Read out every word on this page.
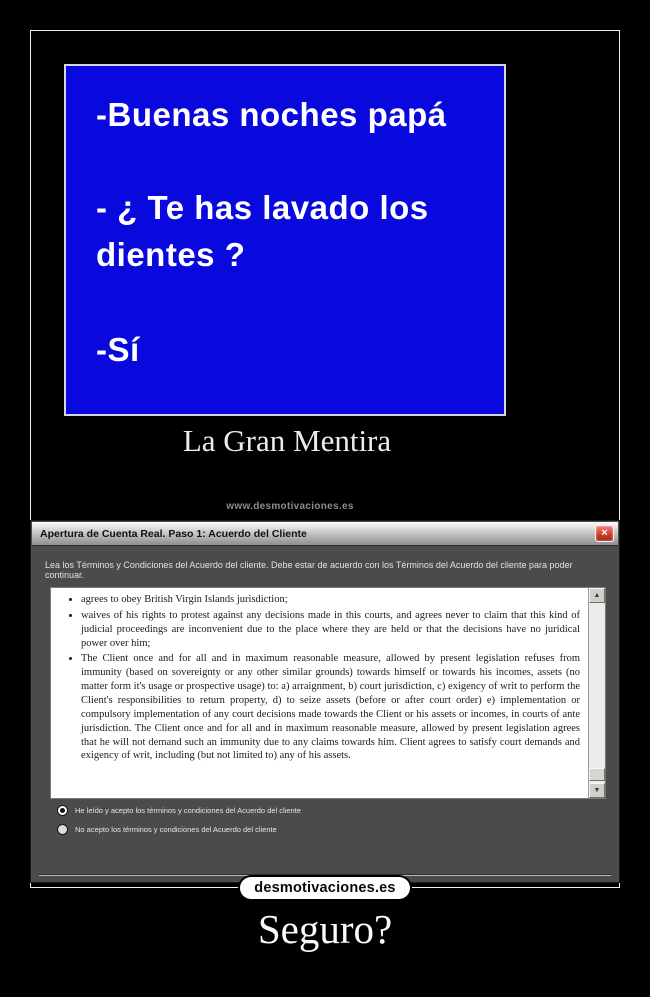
-Buenas noches papá
- ¿ Te has lavado los dientes ?
-Sí
La Gran Mentira
www.desmotivaciones.es
Apertura de Cuenta Real. Paso 1: Acuerdo del Cliente	×
Lea los Términos y Condiciones del Acuerdo del cliente. Debe estar de acuerdo con los Términos del Acuerdo del cliente para poder continuar.
• agrees to obey British Virgin Islands jurisdiction;
• waives of his rights to protest against any decisions made in this courts, and agrees never to claim that this kind of judicial proceedings are inconvenient due to the place where they are held or that the decisions have no juridical power over him;
• The Client once and for all and in maximum reasonable measure, allowed by present legislation refuses from immunity (based on sovereignty or any other similar grounds) towards himself or towards his incomes, assets (no matter form it's usage or prospective usage) to: a) arraignment, b) court jurisdiction, c) exigency of writ to perform the Client's responsibilities to return property, d) to seize assets (before or after court order) e) implementation or compulsory implementation of any court decisions made towards the Client or his assets or incomes, in courts of ante jurisdiction. The Client once and for all and in maximum reasonable measure, allowed by present legislation agrees that he will not demand such an immunity due to any claims towards him. Client agrees to satisfy court demands and exigency of writ, including (but not limited to) any of his assets.
▲
▼
He leído y acepto los términos y condiciones del Acuerdo del cliente
No acepto los términos y condiciones del Acuerdo del cliente
desmotivaciones.es
Seguro?
